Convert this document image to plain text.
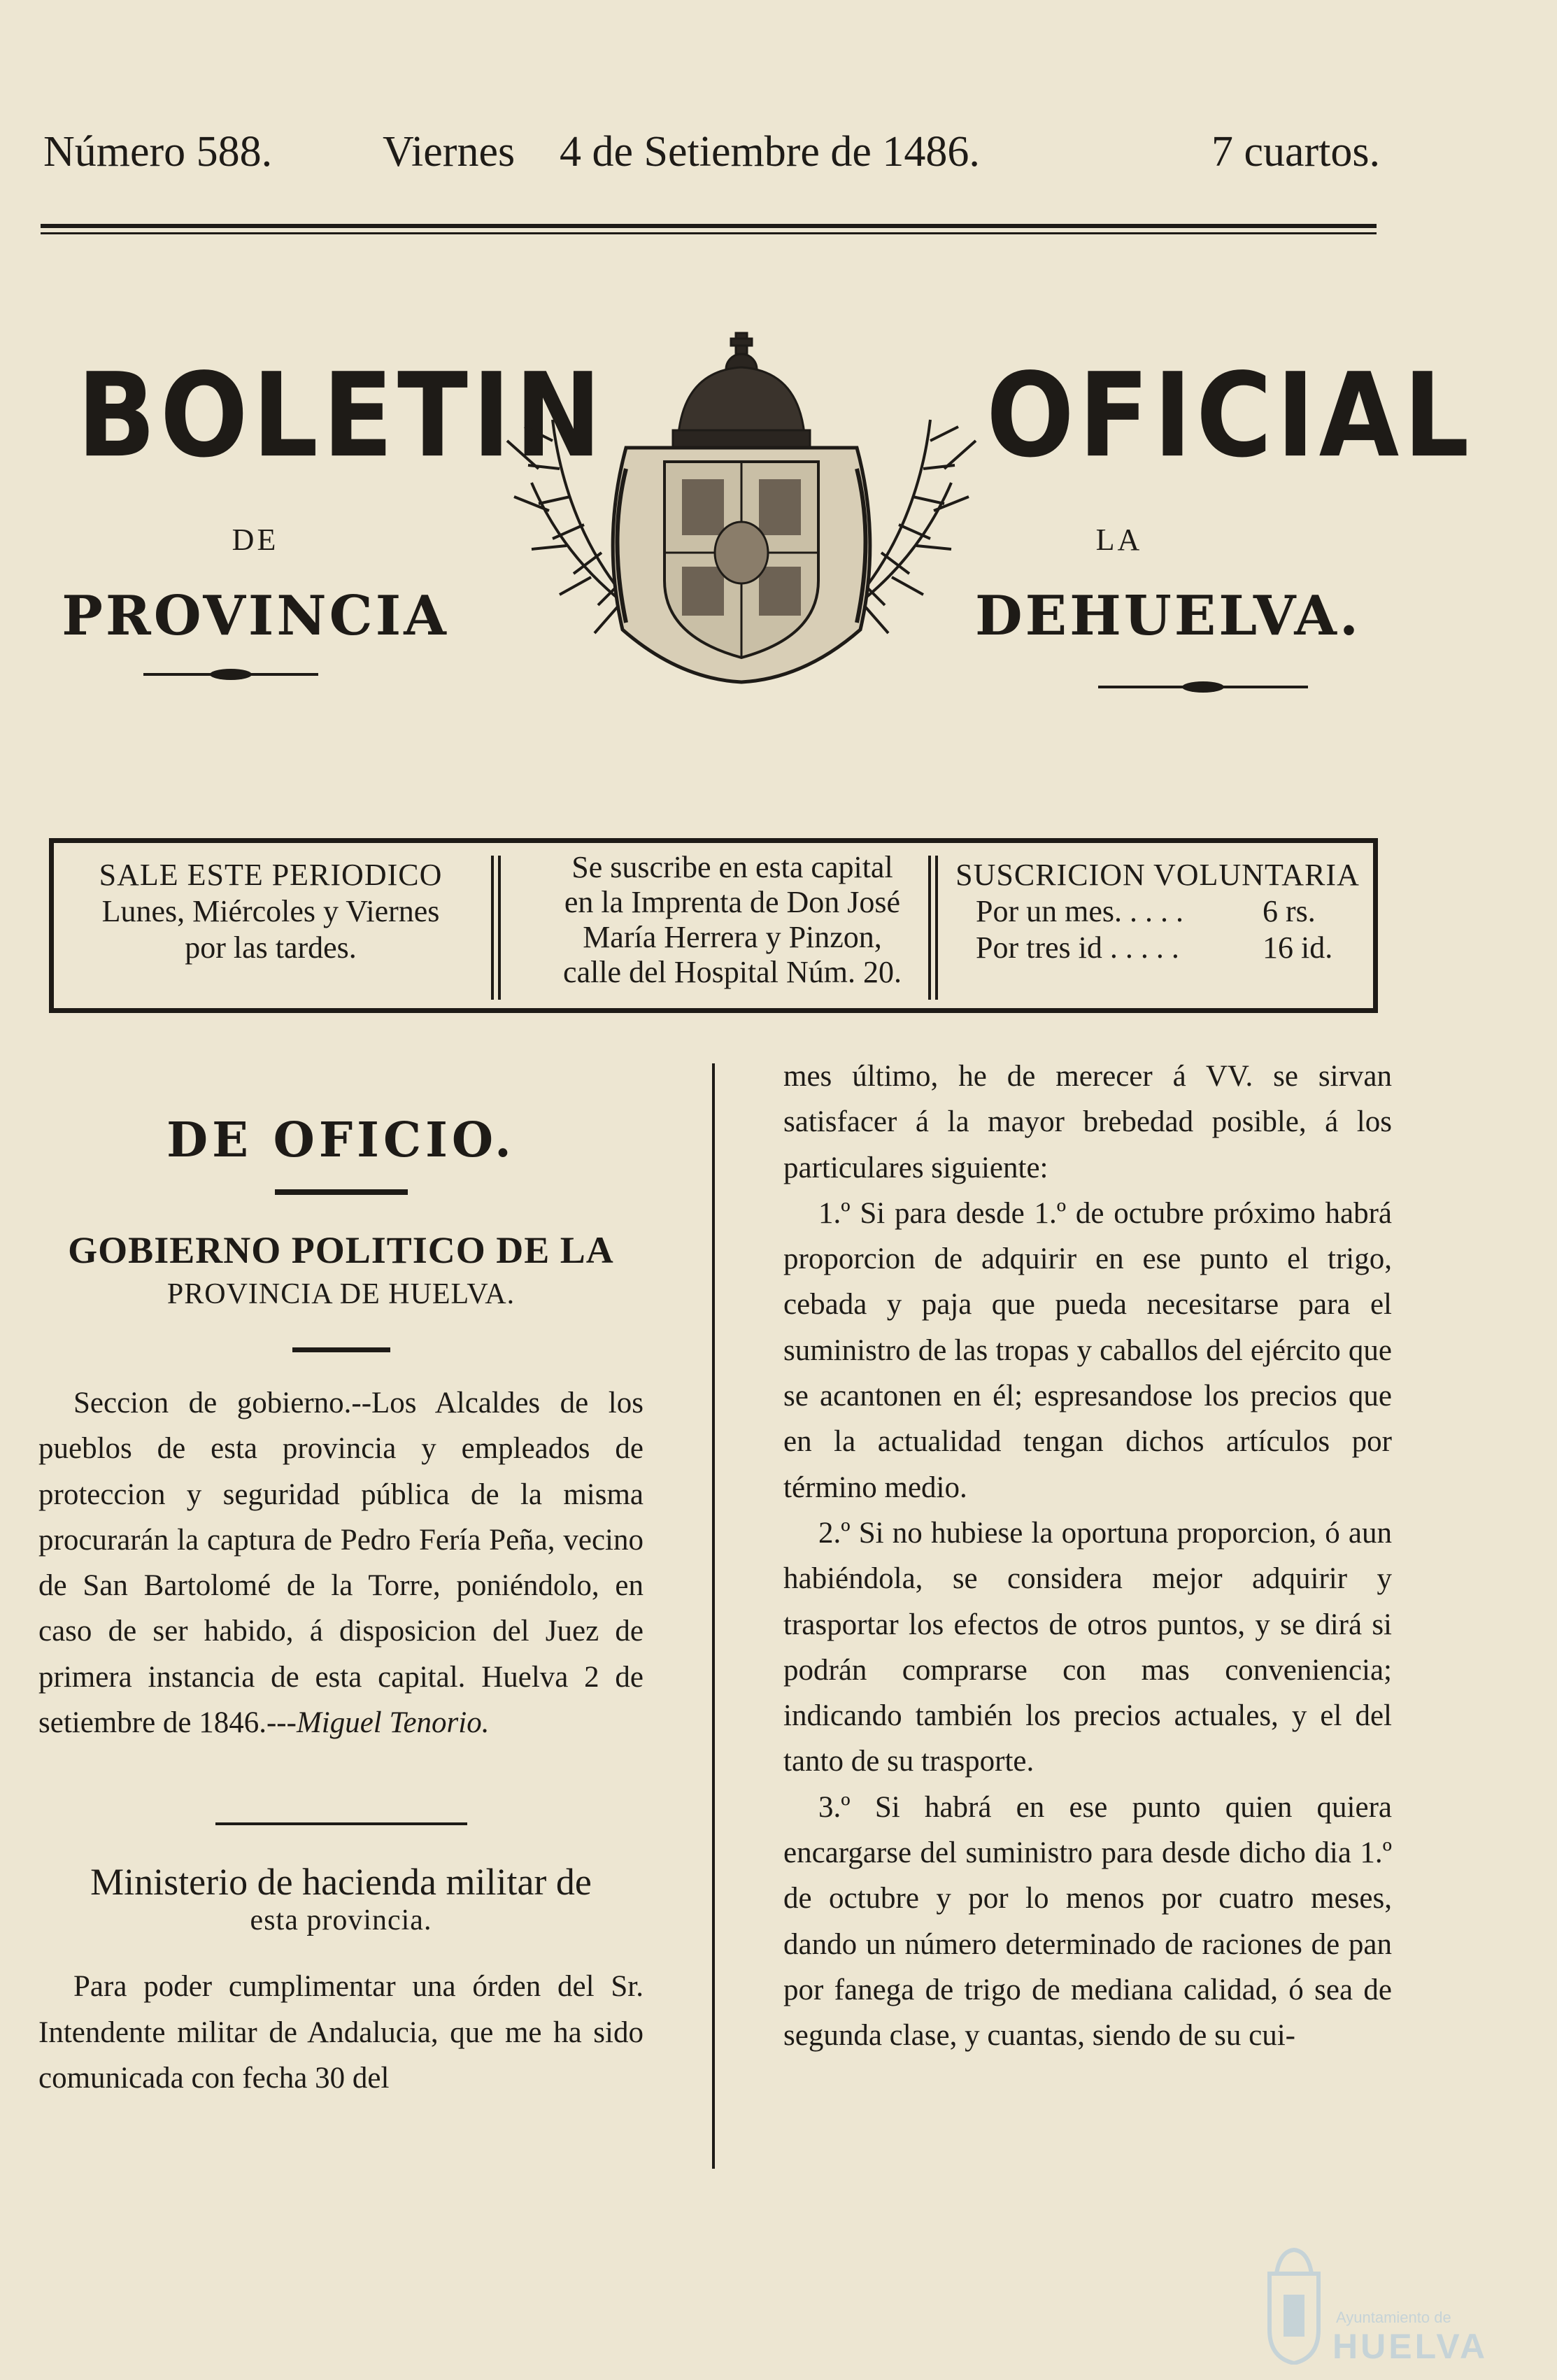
Número 588.	Viernes 4 de Setiembre de 1486.	7 cuartos.
BOLETIN
DE
PROVINCIA
OFICIAL
LA
DEHUELVA.
SALE ESTE PERIODICO
Lunes, Miércoles y Viernes
por las tardes.
Se suscribe en esta capital
en la Imprenta de Don José
María Herrera y Pinzon,
calle del Hospital Núm. 20.
SUSCRICION VOLUNTARIA
Por un mes. . . . .	6 rs.
Por tres id . . . . .	16 id.
DE OFICIO.
GOBIERNO POLITICO DE LA
PROVINCIA DE HUELVA.
Seccion de gobierno.--Los Alcaldes de los pueblos de esta provincia y empleados de proteccion y seguridad pública de la misma procurarán la captura de Pedro Fería Peña, vecino de San Bartolomé de la Torre, poniéndolo, en caso de ser habido, á disposicion del Juez de primera instancia de esta capital. Huelva 2 de setiembre de 1846.---Miguel Tenorio.
Ministerio de hacienda militar de
esta provincia.
Para poder cumplimentar una órden del Sr. Intendente militar de Andalucia, que me ha sido comunicada con fecha 30 del
mes último, he de merecer á VV. se sirvan satisfacer á la mayor brebedad posible, á los particulares siguiente:
1.º Si para desde 1.º de octubre próximo habrá proporcion de adquirir en ese punto el trigo, cebada y paja que pueda necesitarse para el suministro de las tropas y caballos del ejército que se acantonen en él; espresandose los precios que en la actualidad tengan dichos artículos por término medio.
2.º Si no hubiese la oportuna proporcion, ó aun habiéndola, se considera mejor adquirir y trasportar los efectos de otros puntos, y se dirá si podrán comprarse con mas conveniencia; indicando también los precios actuales, y el del tanto de su trasporte.
3.º Si habrá en ese punto quien quiera encargarse del suministro para desde dicho dia 1.º de octubre y por lo menos por cuatro meses, dando un número determinado de raciones de pan por fanega de trigo de mediana calidad, ó sea de segunda clase, y cuantas, siendo de su cui-
Ayuntamiento de
HUELVA
